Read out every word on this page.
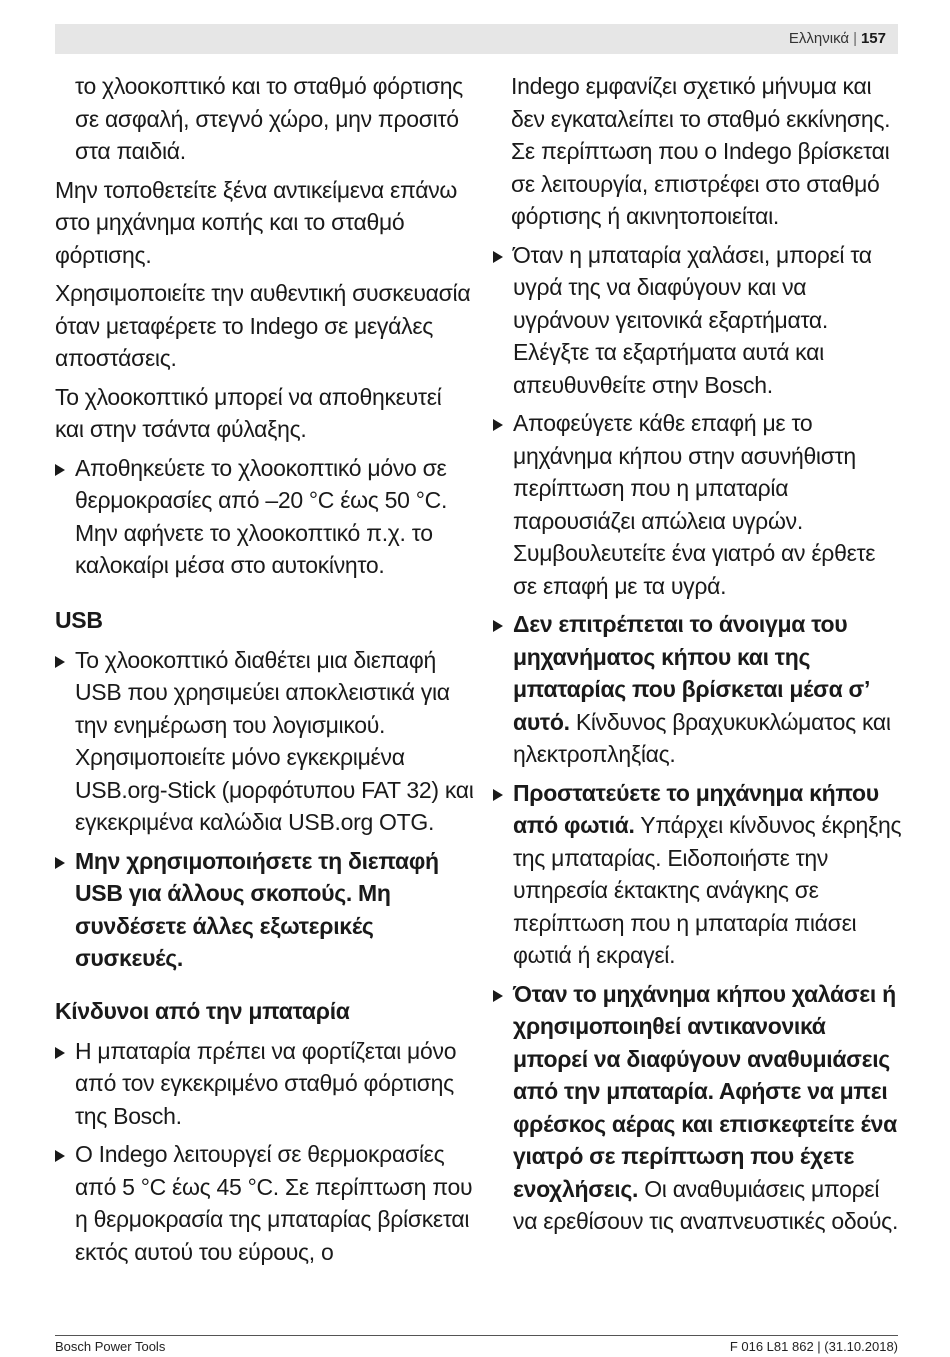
Ελληνικά | 157

το χλοοκοπτικό και το σταθμό φόρτισης σε ασφαλή, στεγνό χώρο, μην προσιτό στα παιδιά.

Μην τοποθετείτε ξένα αντικείμενα επάνω στο μηχάνημα κοπής και το σταθμό φόρτισης.

Χρησιμοποιείτε την αυθεντική συσκευασία όταν μεταφέρετε το Indego σε μεγάλες αποστάσεις.

Το χλοοκοπτικό μπορεί να αποθηκευτεί και στην τσάντα φύλαξης.

Αποθηκεύετε το χλοοκοπτικό μόνο σε θερμοκρασίες από –20 °C έως 50 °C. Μην αφήνετε το χλοοκοπτικό π.χ. το καλοκαίρι μέσα στο αυτοκίνητο.
USB
Το χλοοκοπτικό διαθέτει μια διεπαφή USB που χρησιμεύει αποκλειστικά για την ενημέρωση του λογισμικού. Χρησιμοποιείτε μόνο εγκεκριμένα USB.org-Stick (μορφότυπου FAT 32) και εγκεκριμένα καλώδια USB.org OTG.
Μην χρησιμοποιήσετε τη διεπαφή USB για άλλους σκοπούς. Μη συνδέσετε άλλες εξωτερικές συσκευές.
Κίνδυνοι από την μπαταρία
Η μπαταρία πρέπει να φορτίζεται μόνο από τον εγκεκριμένο σταθμό φόρτισης της Bosch.
Ο Indego λειτουργεί σε θερμοκρασίες από 5 °C έως 45 °C. Σε περίπτωση που η θερμοκρασία της μπαταρίας βρίσκεται εκτός αυτού του εύρους, ο

Indego εμφανίζει σχετικό μήνυμα και δεν εγκαταλείπει το σταθμό εκκίνησης. Σε περίπτωση που ο Indego βρίσκεται σε λειτουργία, επιστρέφει στο σταθμό φόρτισης ή ακινητοποιείται.

Όταν η μπαταρία χαλάσει, μπορεί τα υγρά της να διαφύγουν και να υγράνουν γειτονικά εξαρτήματα. Ελέγξτε τα εξαρτήματα αυτά και απευθυνθείτε στην Bosch.
Αποφεύγετε κάθε επαφή με το μηχάνημα κήπου στην ασυνήθιστη περίπτωση που η μπαταρία παρουσιάζει απώλεια υγρών. Συμβουλευτείτε ένα γιατρό αν έρθετε σε επαφή με τα υγρά.
Δεν επιτρέπεται το άνοιγμα του μηχανήματος κήπου και της μπαταρίας που βρίσκεται μέσα σ’ αυτό. Κίνδυνος βραχυκυκλώματος και ηλεκτροπληξίας.
Προστατεύετε το μηχάνημα κήπου από φωτιά. Υπάρχει κίνδυνος έκρηξης της μπαταρίας. Ειδοποιήστε την υπηρεσία έκτακτης ανάγκης σε περίπτωση που η μπαταρία πιάσει φωτιά ή εκραγεί.
Όταν το μηχάνημα κήπου χαλάσει ή χρησιμοποιηθεί αντικανονικά μπορεί να διαφύγουν αναθυμιάσεις από την μπαταρία. Αφήστε να μπει φρέσκος αέρας και επισκεφτείτε ένα γιατρό σε περίπτωση που έχετε ενοχλήσεις. Οι αναθυμιάσεις μπορεί να ερεθίσουν τις αναπνευστικές οδούς.
Bosch Power Tools	F 016 L81 862 | (31.10.2018)
